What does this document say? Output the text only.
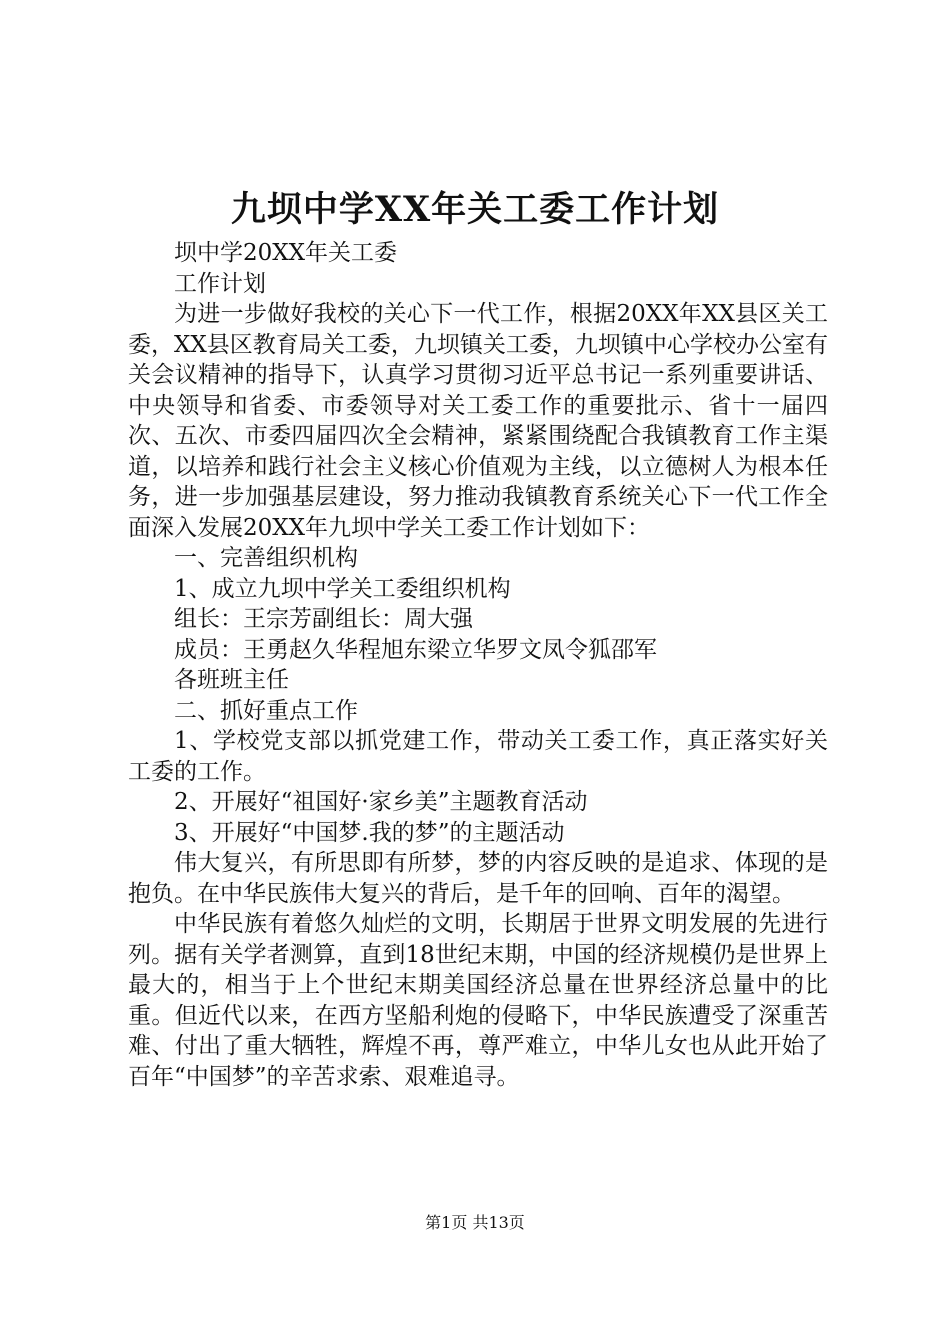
九坝中学XX年关工委工作计划

坝中学20XX年关工委

工作计划

为进一步做好我校的关心下一代工作，根据20XX年XX县区关工委，XX县区教育局关工委，九坝镇关工委，九坝镇中心学校办公室有关会议精神的指导下，认真学习贯彻习近平总书记一系列重要讲话、中央领导和省委、市委领导对关工委工作的重要批示、省十一届四次、五次、市委四届四次全会精神，紧紧围绕配合我镇教育工作主渠道，以培养和践行社会主义核心价值观为主线，以立德树人为根本任务，进一步加强基层建设，努力推动我镇教育系统关心下一代工作全面深入发展20XX年九坝中学关工委工作计划如下：

一、完善组织机构

1、成立九坝中学关工委组织机构

组长：王宗芳副组长：周大强

成员：王勇赵久华程旭东梁立华罗文凤令狐邵军

各班班主任

二、抓好重点工作

1、学校党支部以抓党建工作，带动关工委工作，真正落实好关工委的工作。

2、开展好“祖国好·家乡美”主题教育活动

3、开展好“中国梦.我的梦”的主题活动

伟大复兴，有所思即有所梦，梦的内容反映的是追求、体现的是抱负。在中华民族伟大复兴的背后，是千年的回响、百年的渴望。

中华民族有着悠久灿烂的文明，长期居于世界文明发展的先进行列。据有关学者测算，直到18世纪末期，中国的经济规模仍是世界上最大的，相当于上个世纪末期美国经济总量在世界经济总量中的比重。但近代以来，在西方坚船利炮的侵略下，中华民族遭受了深重苦难、付出了重大牺牲，辉煌不再，尊严难立，中华儿女也从此开始了百年“中国梦”的辛苦求索、艰难追寻。

第1页 共13页
